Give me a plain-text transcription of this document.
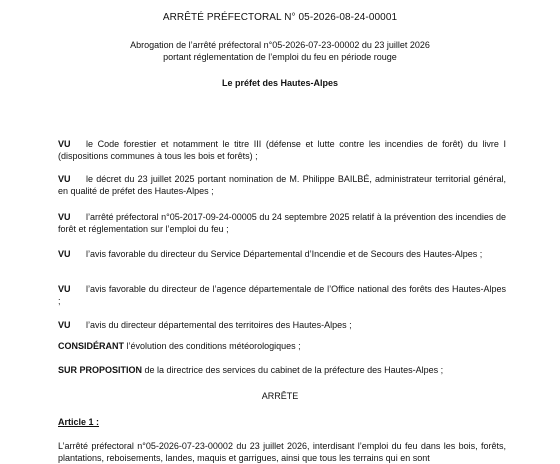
ARRÊTÉ PRÉFECTORAL N° 05-2026-08-24-00001
Abrogation de l’arrêté préfectoral n°05-2026-07-23-00002 du 23 juillet 2026
portant réglementation de l’emploi du feu en période rouge
Le préfet des Hautes-Alpes
VU le Code forestier et notamment le titre III (défense et lutte contre les incendies de forêt) du livre I (dispositions communes à tous les bois et forêts) ;
VU le décret du 23 juillet 2025 portant nomination de M. Philippe BAILBÉ, administrateur territorial général, en qualité de préfet des Hautes-Alpes ;
VU l’arrêté préfectoral n°05-2017-09-24-00005 du 24 septembre 2025 relatif à la prévention des incendies de forêt et réglementation sur l’emploi du feu ;
VU l’avis favorable du directeur du Service Départemental d’Incendie et de Secours des Hautes-Alpes ;
VU l’avis favorable du directeur de l’agence départementale de l’Office national des forêts des Hautes-Alpes ;
VU l’avis du directeur départemental des territoires des Hautes-Alpes ;
CONSIDÉRANT l’évolution des conditions météorologiques ;
SUR PROPOSITION de la directrice des services du cabinet de la préfecture des Hautes-Alpes ;
ARRÊTE
Article 1 :
L’arrêté préfectoral n°05-2026-07-23-00002 du 23 juillet 2026, interdisant l’emploi du feu dans les bois, forêts, plantations, reboisements, landes, maquis et garrigues, ainsi que tous les terrains qui en sont
